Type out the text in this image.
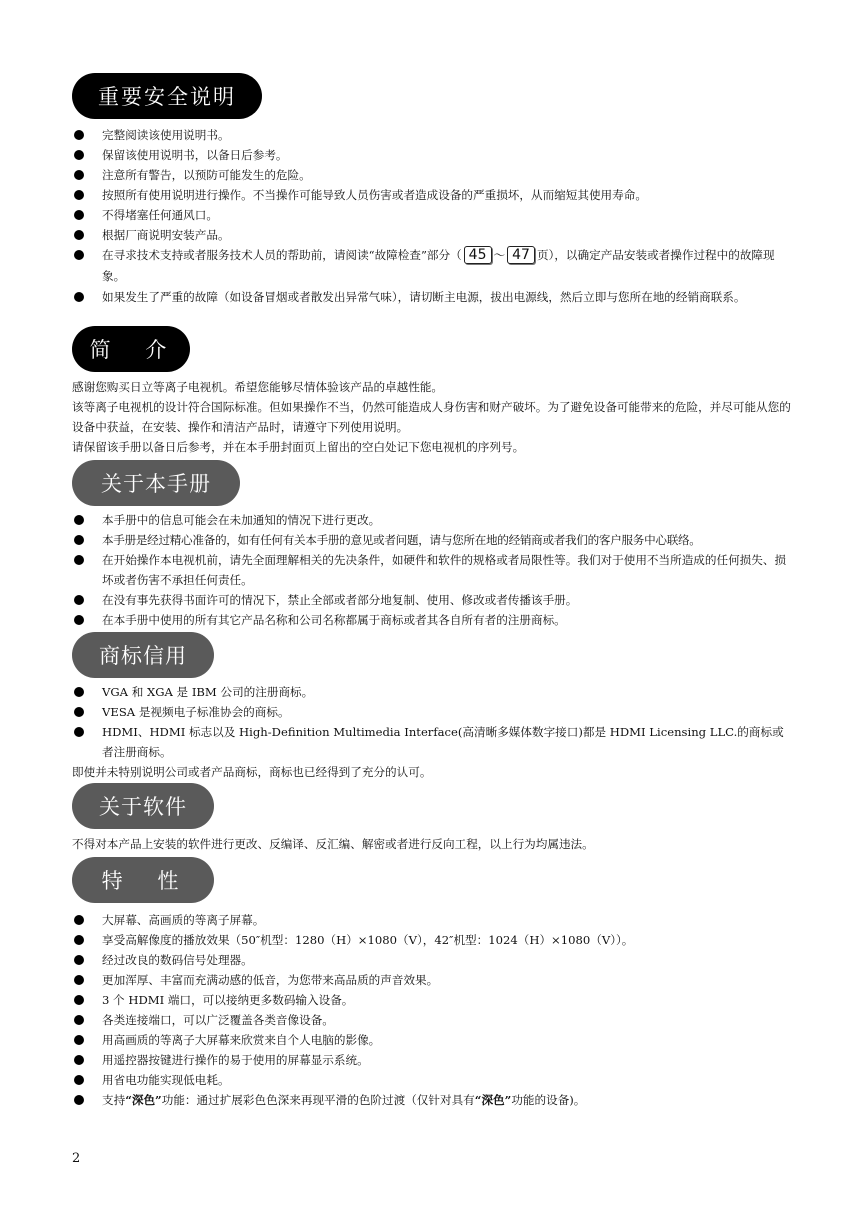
重要安全说明
完整阅读该使用说明书。
保留该使用说明书，以备日后参考。
注意所有警告，以预防可能发生的危险。
按照所有使用说明进行操作。不当操作可能导致人员伤害或者造成设备的严重损坏，从而缩短其使用寿命。
不得堵塞任何通风口。
根据厂商说明安装产品。
在寻求技术支持或者服务技术人员的帮助前，请阅读“故障检查”部分（ 45 ～ 47 页），以确定产品安装或者操作过程中的故障现象。
如果发生了严重的故障（如设备冒烟或者散发出异常气味），请切断主电源，拔出电源线，然后立即与您所在地的经销商联系。
简 介

感谢您购买日立等离子电视机。希望您能够尽情体验该产品的卓越性能。

该等离子电视机的设计符合国际标准。但如果操作不当，仍然可能造成人身伤害和财产破坏。为了避免设备可能带来的危险，并尽可能从您的设备中获益，在安装、操作和清洁产品时，请遵守下列使用说明。

请保留该手册以备日后参考，并在本手册封面页上留出的空白处记下您电视机的序列号。

关于本手册
本手册中的信息可能会在未加通知的情况下进行更改。
本手册是经过精心准备的，如有任何有关本手册的意见或者问题，请与您所在地的经销商或者我们的客户服务中心联络。
在开始操作本电视机前，请先全面理解相关的先决条件，如硬件和软件的规格或者局限性等。我们对于使用不当所造成的任何损失、损坏或者伤害不承担任何责任。
在没有事先获得书面许可的情况下，禁止全部或者部分地复制、使用、修改或者传播该手册。
在本手册中使用的所有其它产品名称和公司名称都属于商标或者其各自所有者的注册商标。
商标信用
VGA 和 XGA 是 IBM 公司的注册商标。
VESA 是视频电子标准协会的商标。
HDMI、HDMI 标志以及 High-Definition Multimedia Interface(高清晰多媒体数字接口)都是 HDMI Licensing LLC.的商标或者注册商标。

即使并未特别说明公司或者产品商标，商标也已经得到了充分的认可。

关于软件

不得对本产品上安装的软件进行更改、反编译、反汇编、解密或者进行反向工程，以上行为均属违法。

特 性
大屏幕、高画质的等离子屏幕。
享受高解像度的播放效果（50″机型：1280（H）×1080（V），42″机型：1024（H）×1080（V））。
经过改良的数码信号处理器。
更加浑厚、丰富而充满动感的低音，为您带来高品质的声音效果。
3 个 HDMI 端口，可以接纳更多数码输入设备。
各类连接端口，可以广泛覆盖各类音像设备。
用高画质的等离子大屏幕来欣赏来自个人电脑的影像。
用遥控器按键进行操作的易于使用的屏幕显示系统。
用省电功能实现低电耗。
支持“深色”功能：通过扩展彩色色深来再现平滑的色阶过渡（仅针对具有“深色”功能的设备)。
2
